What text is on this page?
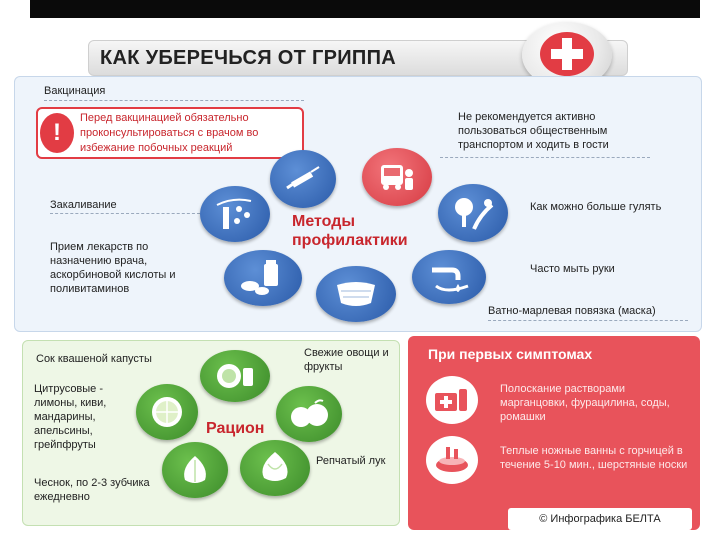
КАК УБЕРЕЧЬСЯ ОТ ГРИППА
Вакцинация
!
Перед вакцинацией обязательно проконсультироваться с врачом во избежание побочных реакций
Закаливание
Прием лекарств по назначению врача, аскорбиновой кислоты и поливитаминов
Не рекомендуется активно пользоваться общественным транспортом и ходить в гости
Как можно больше гулять
Часто мыть руки
Ватно-марлевая повязка (маска)
Методы
профилактики
Сок квашеной капусты	Свежие овощи и фрукты
Цитрусовые - лимоны, киви, мандарины, апельсины, грейпфруты
Репчатый лук
Чеснок, по 2-3 зубчика ежедневно
Рацион
При первых симптомах
Полоскание растворами марганцовки, фурацилина, соды, ромашки
Теплые ножные ванны с горчицей в течение 5-10 мин., шерстяные носки
© Инфографика БЕЛТА
